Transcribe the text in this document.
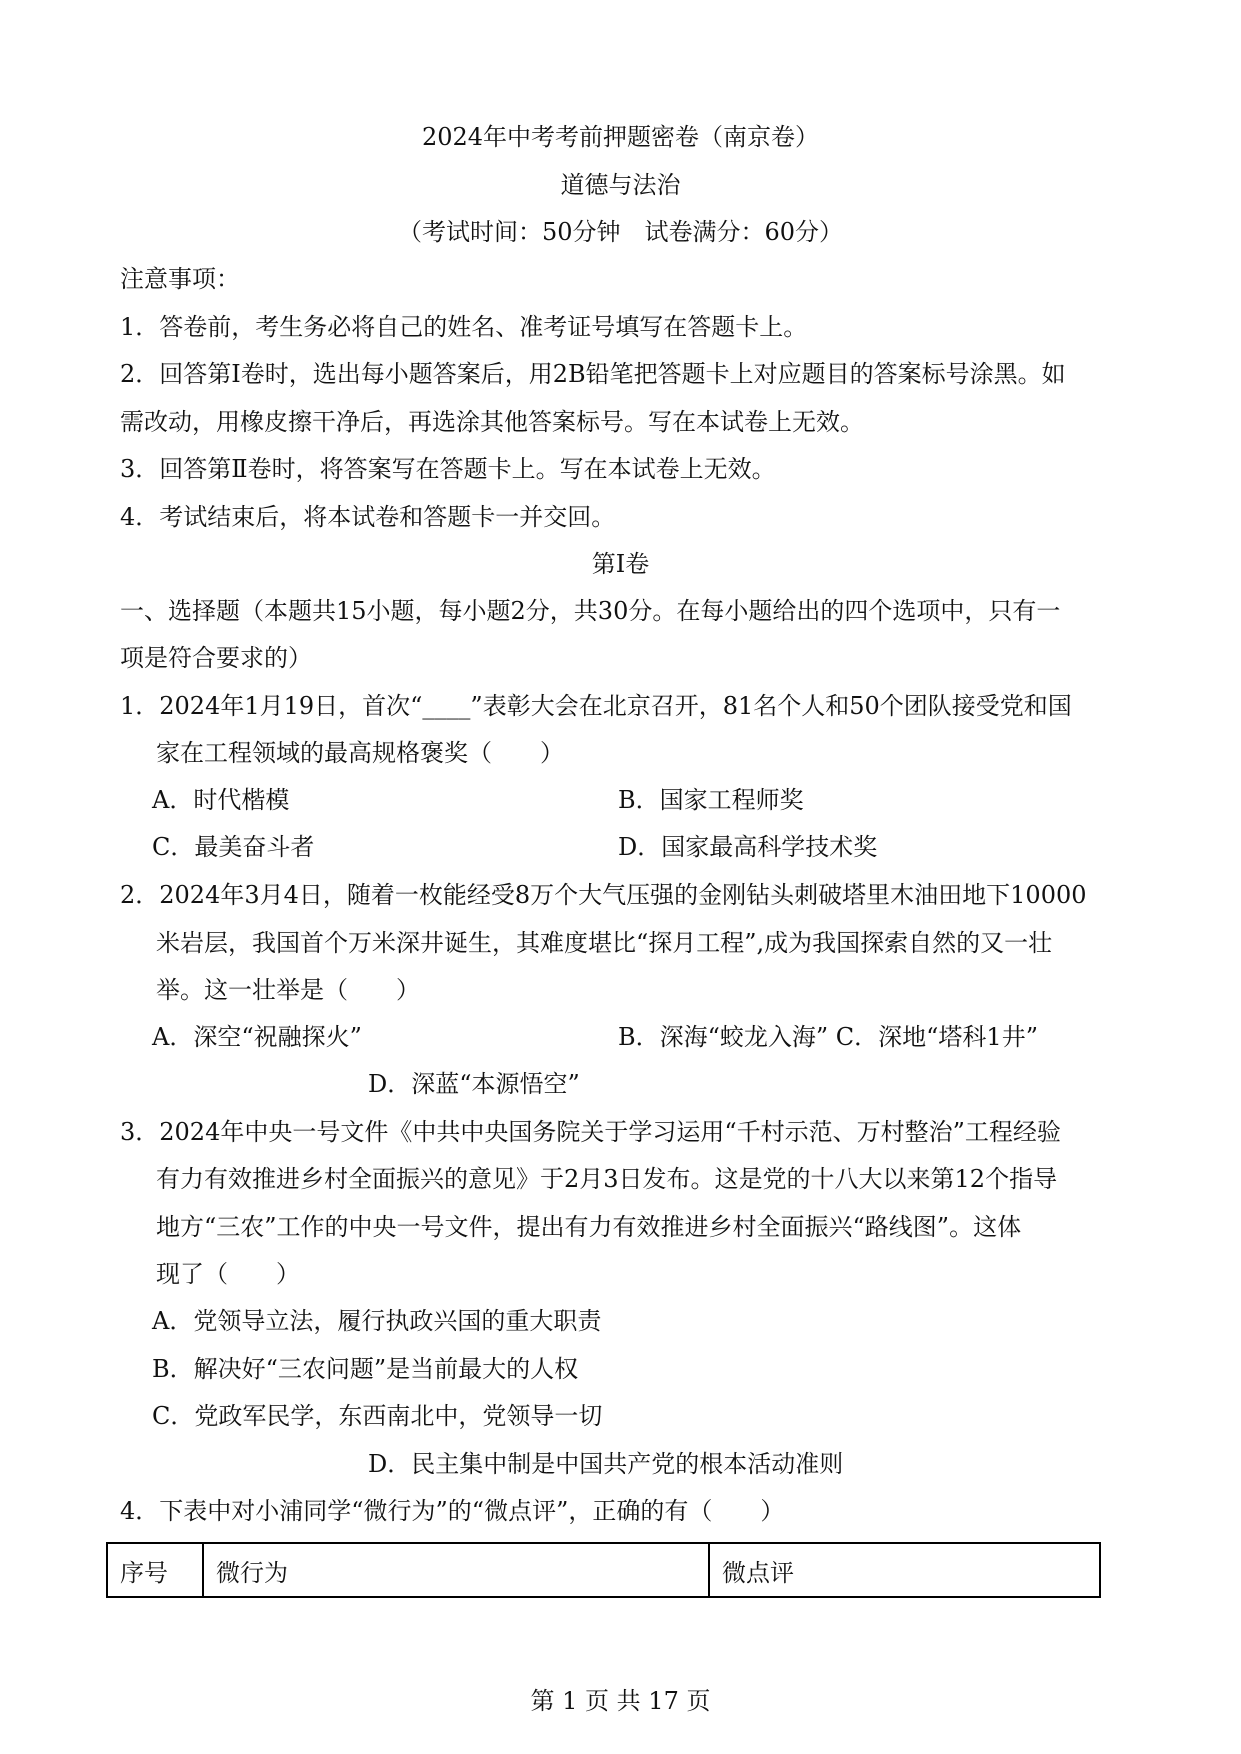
2024年中考考前押题密卷（南京卷）
道德与法治
（考试时间：50分钟　试卷满分：60分）
注意事项：
1．答卷前，考生务必将自己的姓名、准考证号填写在答题卡上。
2．回答第Ⅰ卷时，选出每小题答案后，用2B铅笔把答题卡上对应题目的答案标号涂黑。如
需改动，用橡皮擦干净后，再选涂其他答案标号。写在本试卷上无效。
3．回答第Ⅱ卷时，将答案写在答题卡上。写在本试卷上无效。
4．考试结束后，将本试卷和答题卡一并交回。
第Ⅰ卷
一、选择题（本题共15小题，每小题2分，共30分。在每小题给出的四个选项中，只有一
项是符合要求的）
1．2024年1月19日，首次“____”表彰大会在北京召开，81名个人和50个团队接受党和国
家在工程领域的最高规格褒奖（　　）
A．时代楷模	B．国家工程师奖
C．最美奋斗者	D．国家最高科学技术奖
2．2024年3月4日，随着一枚能经受8万个大气压强的金刚钻头刺破塔里木油田地下10000
米岩层，我国首个万米深井诞生，其难度堪比“探月工程”,成为我国探索自然的又一壮
举。这一壮举是（　　）
A．深空“祝融探火”	B．深海“蛟龙入海” C．深地“塔科1井”
D．深蓝“本源悟空”
3．2024年中央一号文件《中共中央国务院关于学习运用“千村示范、万村整治”工程经验
有力有效推进乡村全面振兴的意见》于2月3日发布。这是党的十八大以来第12个指导
地方“三农”工作的中央一号文件，提出有力有效推进乡村全面振兴“路线图”。这体
现了（　　）
A．党领导立法，履行执政兴国的重大职责
B．解决好“三农问题”是当前最大的人权
C．党政军民学，东西南北中，党领导一切
D．民主集中制是中国共产党的根本活动准则
4．下表中对小浦同学“微行为”的“微点评”，正确的有（　　）
序号	微行为	微点评
第 1 页 共 17 页
